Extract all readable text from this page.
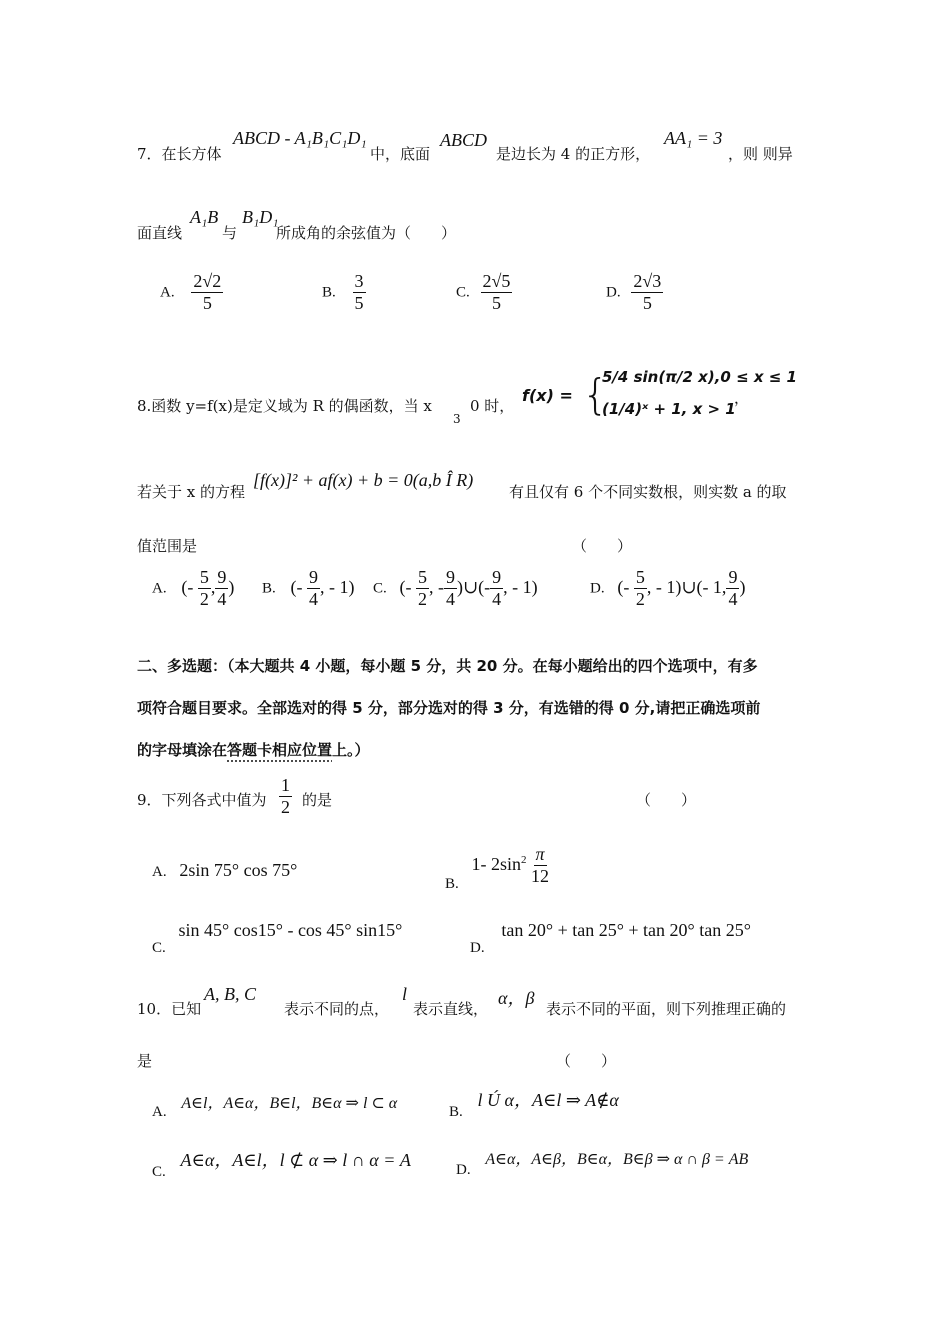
7．在长方体
ABCD - A₁B₁C₁D₁
中，底面
ABCD
是边长为 4 的正方形，
AA₁ = 3
，则 则异
面直线
A₁B
与
B₁D₁
所成角的余弦值为（　　）
A. $\frac{2√2}{5}$	B. $\frac{3}{5}$	C. $\frac{2√5}{5}$	D. $\frac{2√3}{5}$
8.函数 y=f(x)是定义域为 R 的偶函数，当 x
3
0 时，
f(x) = {
5/4 sin(π/2 x),0 ≤ x ≤ 1
(1/4)ˣ + 1, x > 1
，
若关于 x 的方程
[f(x)]² + af(x) + b = 0(a,b Î R)
有且仅有 6 个不同实数根，则实数 a 的取
值范围是	（　　）
A. (- $\frac{5}{2}$ , $\frac{9}{4}$ ) B. (- $\frac{9}{4}$ , - 1) C. (- $\frac{5}{2}$ , - $\frac{9}{4}$ )∪(- $\frac{9}{4}$ , - 1)	D. (- $\frac{5}{2}$ , - 1)∪(- 1, $\frac{9}{4}$ )
二、多选题：（本大题共 4 小题，每小题 5 分，共 20 分。在每小题给出的四个选项中，有多
项符合题目要求。全部选对的得 5 分，部分选对的得 3 分，有选错的得 0 分,请把正确选项前
的字母填涂在答题卡相应位置上。）
9．下列各式中值为 $\frac{1}{2}$ 的是	（　　）
A. 2sin 75° cos 75°
B. 1- $2\sin^2 \frac{\pi}{12}$
C. sin 45° cos15° - cos 45° sin15°
D. tan 20° + tan 25° + tan 20° tan 25°
10．已知
A, B, C
表示不同的点，
l
表示直线，
α，β
表示不同的平面，则下列推理正确的
是	（　　）
A. A∈l，A∈α，B∈l，B∈α ⇒ l ⊂ α	B. l Ú α，A∈l ⇒ A∉α
C. A∈α，A∈l，l ⊄ α ⇒ l ∩ α = A	D. A∈α，A∈β，B∈α，B∈β ⇒ α ∩ β = AB
